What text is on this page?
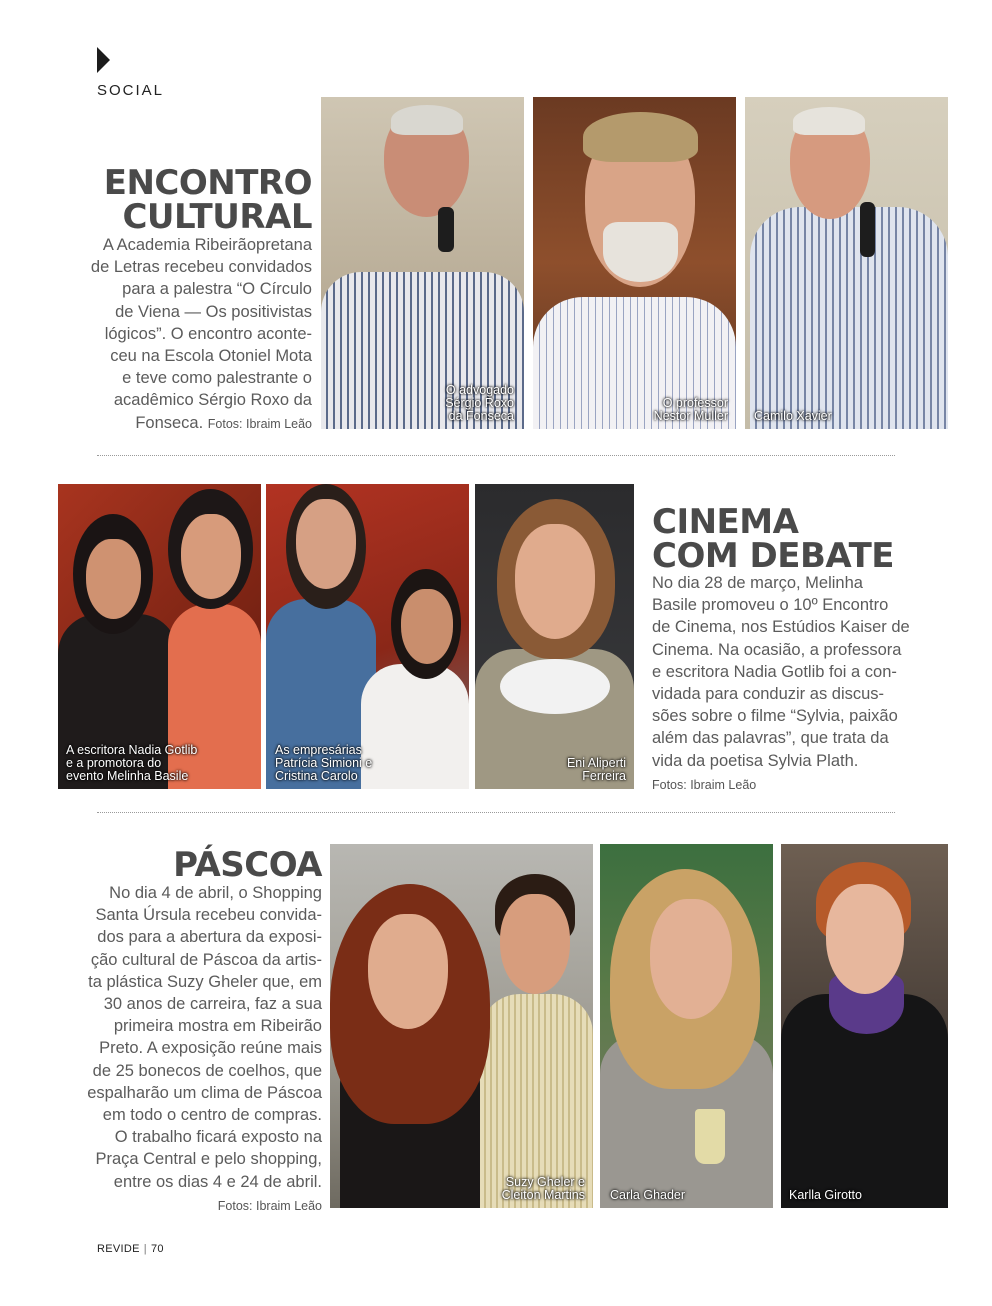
SOCIAL
ENCONTRO
CULTURAL
A Academia Ribeirãopretana
de Letras recebeu convidados
para a palestra “O Círculo
de Viena — Os positivistas
lógicos”. O encontro aconte-
ceu na Escola Otoniel Mota
e teve como palestrante o
acadêmico Sérgio Roxo da
Fonseca. Fotos: Ibraim Leão
O advogado
Sérgio Roxo
da Fonseca
O professor
Nestor Muller Camilo Xavier
A escritora Nadia Gotlib
e a promotora do
evento Melinha Basile
As empresárias
Patrícia Simioni e
Cristina Carolo
Eni Aliperti
Ferreira
CINEMA
COM DEBATE
No dia 28 de março, Melinha
Basile promoveu o 10º Encontro
de Cinema, nos Estúdios Kaiser de
Cinema. Na ocasião, a professora
e escritora Nadia Gotlib foi a con-
vidada para conduzir as discus-
sões sobre o filme “Sylvia, paixão
além das palavras”, que trata da
vida da poetisa Sylvia Plath.
Fotos: Ibraim Leão
PÁSCOA
No dia 4 de abril, o Shopping
Santa Úrsula recebeu convida-
dos para a abertura da exposi-
ção cultural de Páscoa da artis-
ta plástica Suzy Gheler que, em
30 anos de carreira, faz a sua
primeira mostra em Ribeirão
Preto. A exposição reúne mais
de 25 bonecos de coelhos, que
espalharão um clima de Páscoa
em todo o centro de compras.
O trabalho ficará exposto na
Praça Central e pelo shopping,
entre os dias 4 e 24 de abril.
Fotos: Ibraim Leão
Suzy Gheler e
Cleiton Martins Carla Ghader	Karlla Girotto
REVIDE | 70
